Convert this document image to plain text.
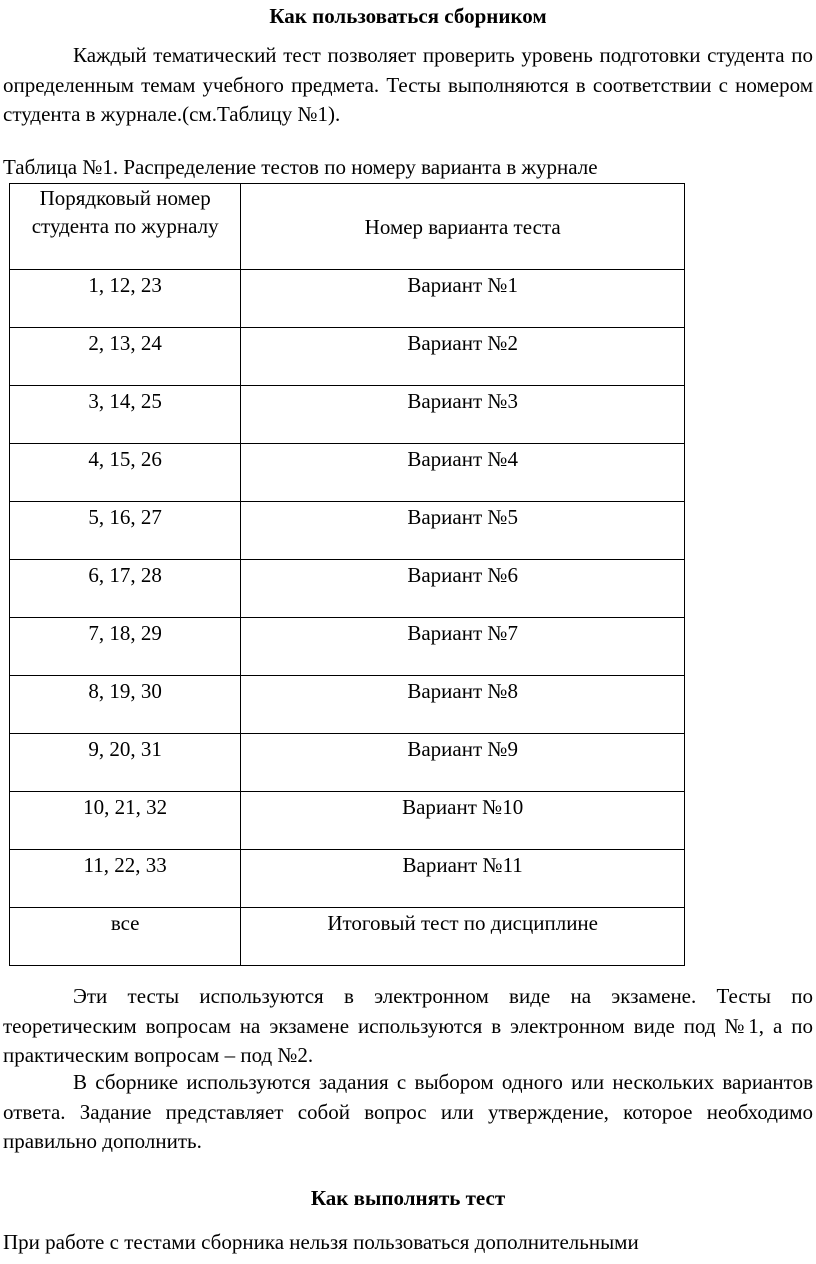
Как пользоваться сборником
Каждый тематический тест позволяет проверить уровень подготовки студента по определенным темам учебного предмета. Тесты выполняются в соответствии с номером студента в журнале.(см.Таблицу №1).
Таблица №1. Распределение тестов по номеру варианта в журнале
Порядковый номер студента по журналу	Номер варианта теста
1, 12, 23	Вариант №1
2, 13, 24	Вариант №2
3, 14, 25	Вариант №3
4, 15, 26	Вариант №4
5, 16, 27	Вариант №5
6, 17, 28	Вариант №6
7, 18, 29	Вариант №7
8, 19, 30	Вариант №8
9, 20, 31	Вариант №9
10, 21, 32	Вариант №10
11, 22, 33	Вариант №11
все	Итоговый тест по дисциплине
Эти тесты используются в электронном виде на экзамене. Тесты по теоретическим вопросам на экзамене используются в электронном виде под №1, а по практическим вопросам – под №2.
В сборнике используются задания с выбором одного или нескольких вариантов ответа. Задание представляет собой вопрос или утверждение, которое необходимо правильно дополнить.
Как выполнять тест
При работе с тестами сборника нельзя пользоваться дополнительными
